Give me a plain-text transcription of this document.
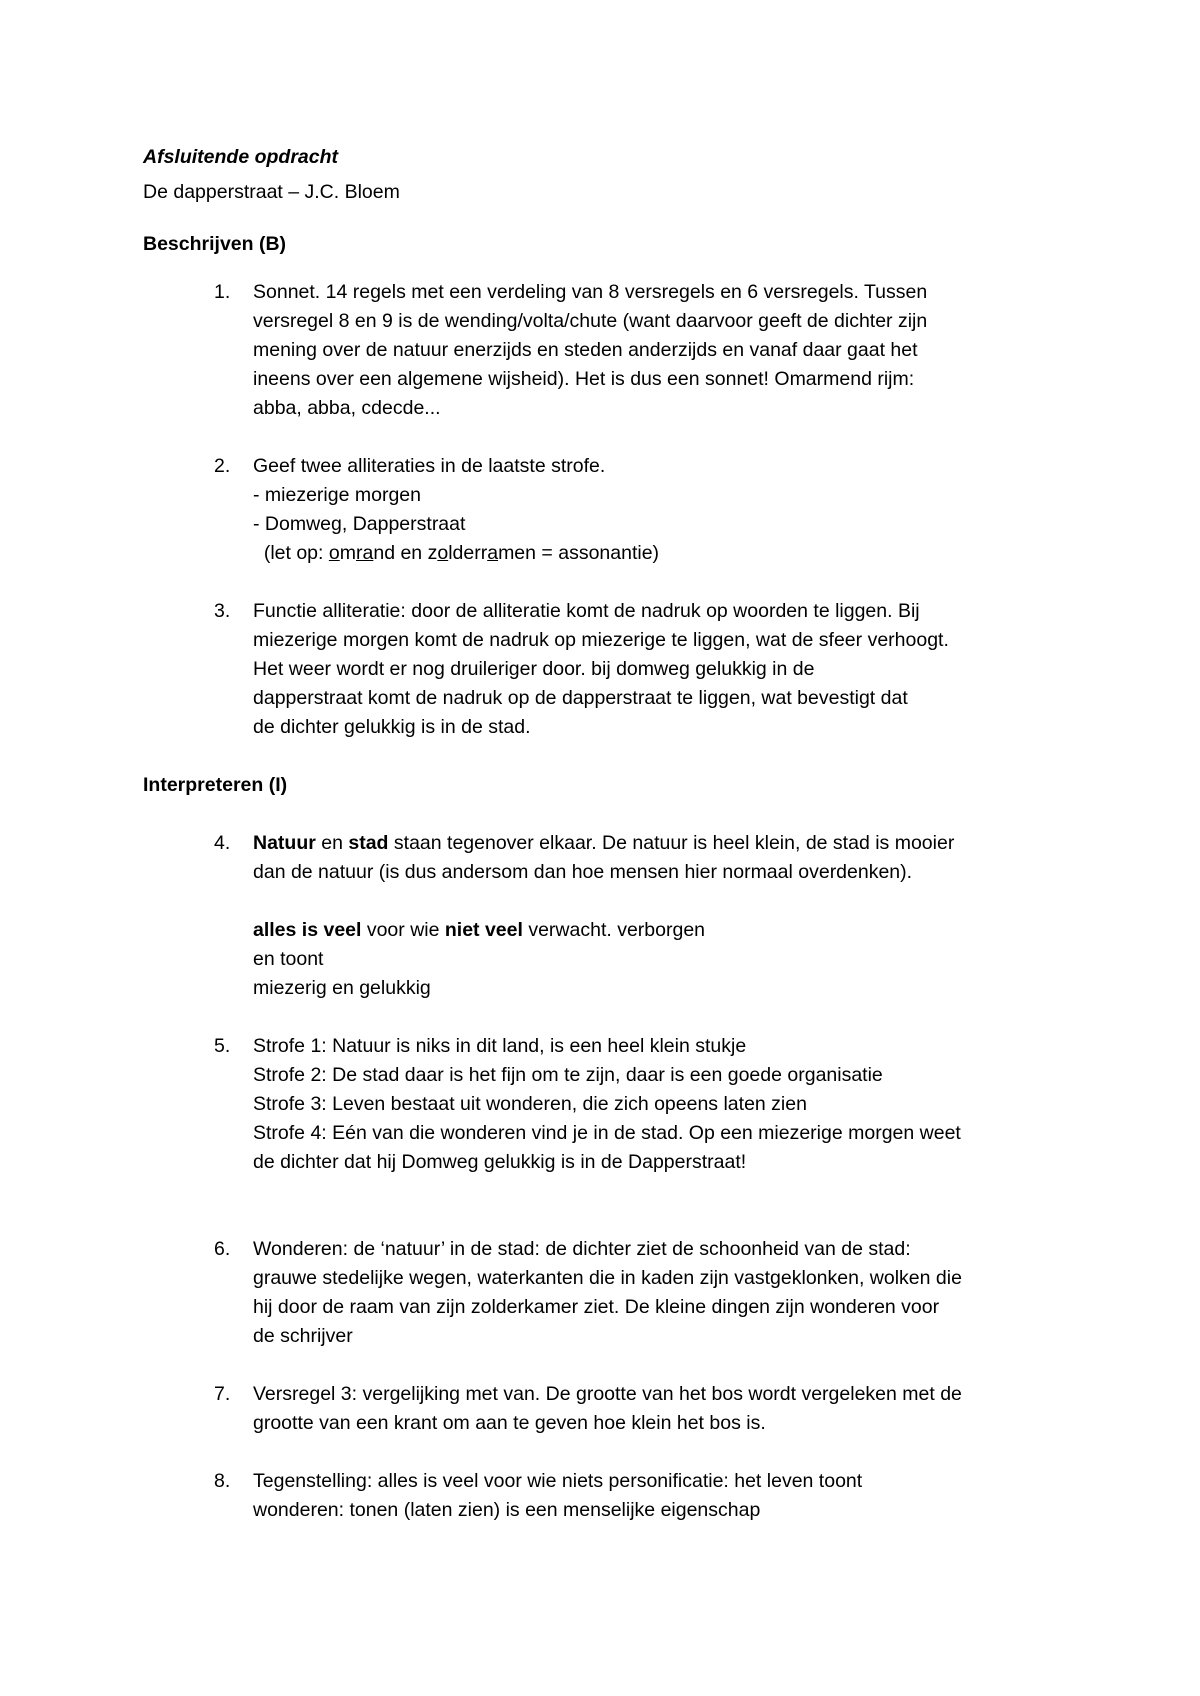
Afsluitende opdracht
De dapperstraat – J.C. Bloem
Beschrijven (B)
1. Sonnet. 14 regels met een verdeling van 8 versregels en 6 versregels. Tussen
versregel 8 en 9 is de wending/volta/chute (want daarvoor geeft de dichter zijn
mening over de natuur enerzijds en steden anderzijds en vanaf daar gaat het
ineens over een algemene wijsheid). Het is dus een sonnet! Omarmend rijm:
abba, abba, cdecde...
2. Geef twee alliteraties in de laatste strofe.
- miezerige morgen
- Domweg, Dapperstraat
(let op: omrand en zolderramen = assonantie)
3. Functie alliteratie: door de alliteratie komt de nadruk op woorden te liggen. Bij
miezerige morgen komt de nadruk op miezerige te liggen, wat de sfeer verhoogt.
Het weer wordt er nog druileriger door. bij domweg gelukkig in de
dapperstraat komt de nadruk op de dapperstraat te liggen, wat bevestigt dat
de dichter gelukkig is in de stad.
Interpreteren (I)
4. Natuur en stad staan tegenover elkaar. De natuur is heel klein, de stad is mooier
dan de natuur (is dus andersom dan hoe mensen hier normaal overdenken).
alles is veel voor wie niet veel verwacht. verborgen
en toont
miezerig en gelukkig
5. Strofe 1: Natuur is niks in dit land, is een heel klein stukje
Strofe 2: De stad daar is het fijn om te zijn, daar is een goede organisatie
Strofe 3: Leven bestaat uit wonderen, die zich opeens laten zien
Strofe 4: Eén van die wonderen vind je in de stad. Op een miezerige morgen weet
de dichter dat hij Domweg gelukkig is in de Dapperstraat!
6. Wonderen: de ‘natuur’ in de stad: de dichter ziet de schoonheid van de stad:
grauwe stedelijke wegen, waterkanten die in kaden zijn vastgeklonken, wolken die
hij door de raam van zijn zolderkamer ziet. De kleine dingen zijn wonderen voor
de schrijver
7. Versregel 3: vergelijking met van. De grootte van het bos wordt vergeleken met de
grootte van een krant om aan te geven hoe klein het bos is.
8. Tegenstelling: alles is veel voor wie niets personificatie: het leven toont
wonderen: tonen (laten zien) is een menselijke eigenschap
